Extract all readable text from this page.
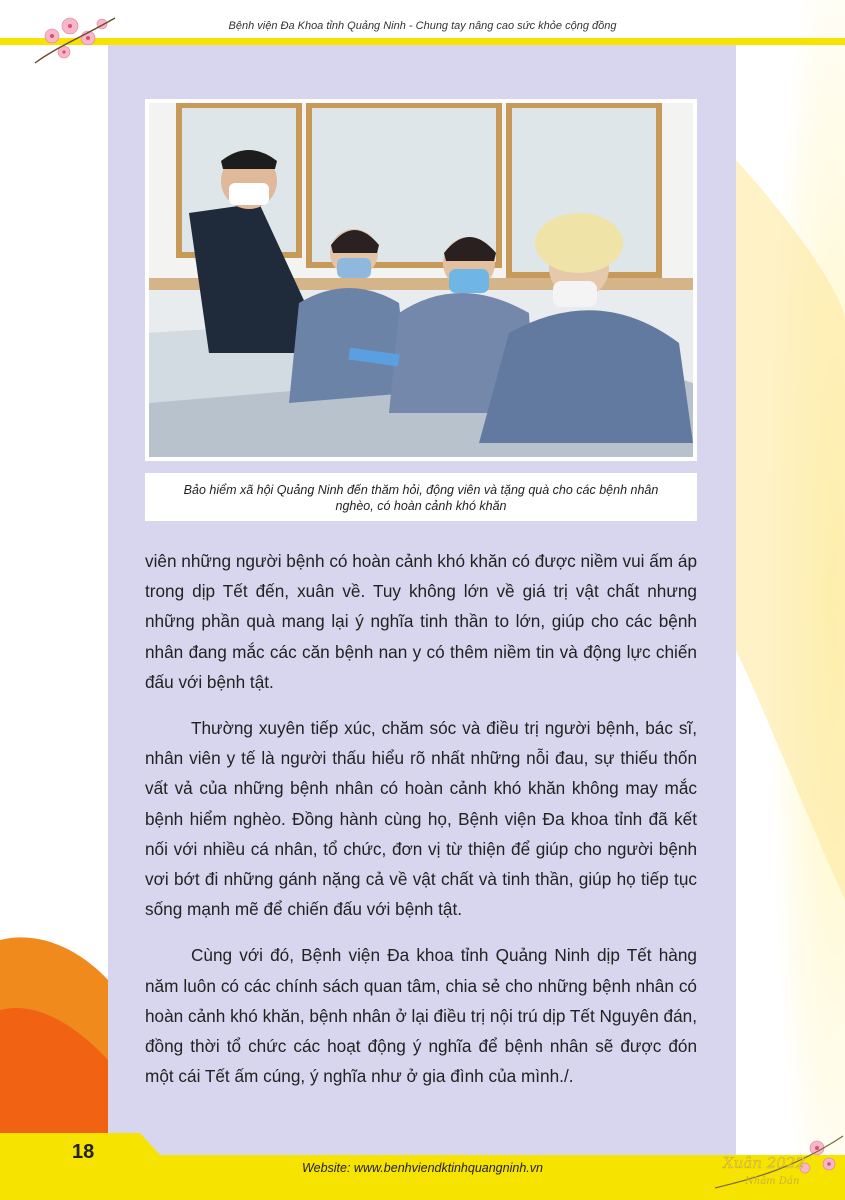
Bệnh viện Đa Khoa tỉnh Quảng Ninh - Chung tay nâng cao sức khỏe cộng đồng
Bảo hiểm xã hội Quảng Ninh đến thăm hỏi, động viên và tặng quà cho các bệnh nhân nghèo, có hoàn cảnh khó khăn

viên những người bệnh có hoàn cảnh khó khăn có được niềm vui ấm áp trong dịp Tết đến, xuân về. Tuy không lớn về giá trị vật chất nhưng những phần quà mang lại ý nghĩa tinh thần to lớn, giúp cho các bệnh nhân đang mắc các căn bệnh nan y có thêm niềm tin và động lực chiến đấu với bệnh tật.

Thường xuyên tiếp xúc, chăm sóc và điều trị người bệnh, bác sĩ, nhân viên y tế là người thấu hiểu rõ nhất những nỗi đau, sự thiếu thốn vất vả của những bệnh nhân có hoàn cảnh khó khăn không may mắc bệnh hiểm nghèo. Đồng hành cùng họ, Bệnh viện Đa khoa tỉnh đã kết nối với nhiều cá nhân, tổ chức, đơn vị từ thiện để giúp cho người bệnh vơi bớt đi những gánh nặng cả về vật chất và tinh thần, giúp họ tiếp tục sống mạnh mẽ để chiến đấu với bệnh tật.

Cùng với đó, Bệnh viện Đa khoa tỉnh Quảng Ninh dịp Tết hàng năm luôn có các chính sách quan tâm, chia sẻ cho những bệnh nhân có hoàn cảnh khó khăn, bệnh nhân ở lại điều trị nội trú dịp Tết Nguyên đán, đồng thời tổ chức các hoạt động ý nghĩa để bệnh nhân sẽ được đón một cái Tết ấm cúng, ý nghĩa như ở gia đình của mình./.

18
Website: www.benhviendktinhquangninh.vn	Xuân 2022
Nhâm Dần
